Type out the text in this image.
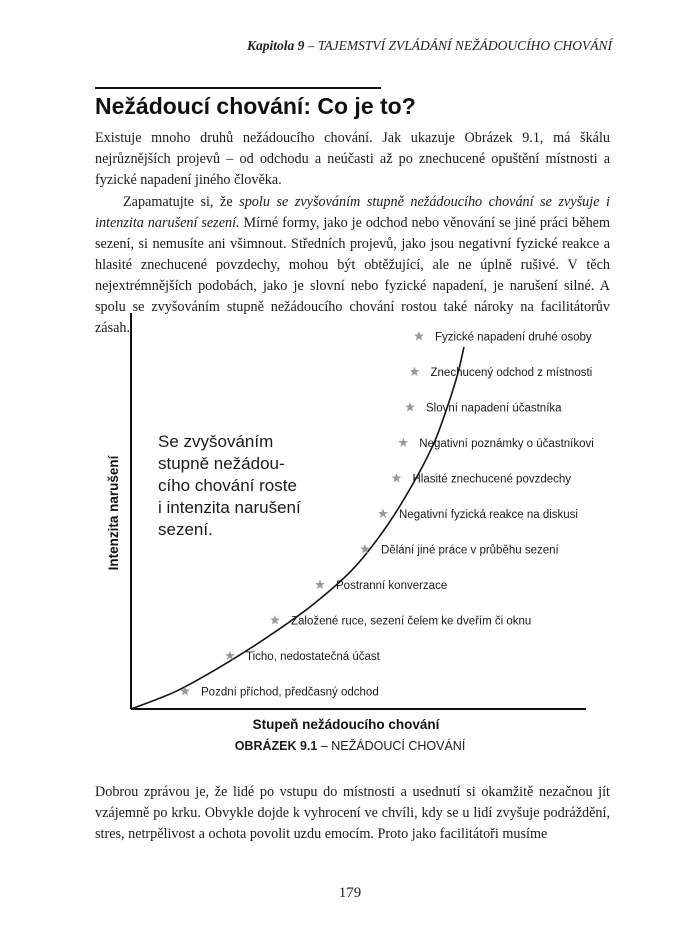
Kapitola 9 – TAJEMSTVÍ ZVLÁDÁNÍ NEŽÁDOUCÍHO CHOVÁNÍ
Nežádoucí chování: Co je to?

Existuje mnoho druhů nežádoucího chování. Jak ukazuje Obrázek 9.1, má škálu nejrůznějších projevů – od odchodu a neúčasti až po znechucené opuštění místnosti a fyzické napadení jiného člověka.

Zapamatujte si, že spolu se zvyšováním stupně nežádoucího chování se zvyšuje i intenzita narušení sezení. Mírné formy, jako je odchod nebo věnování se jiné práci během sezení, si nemusíte ani všimnout. Středních projevů, jako jsou negativní fyzické reakce a hlasité znechucené povzdechy, mohou být obtěžující, ale ne úplně rušivé. V těch nejextrémnějších podobách, jako je slovní nebo fyzické napadení, je narušení silné. A spolu se zvyšováním stupně nežádoucího chování rostou také nároky na facilitátorův zásah.

Pozdní příchod, předčasný odchod
Ticho, nedostatečná účast
Založené ruce, sezení čelem ke dveřím či oknu
Postranní konverzace
Dělání jiné práce v průběhu sezení
Negativní fyzická reakce na diskusi
Hlasité znechucené povzdechy
Negativní poznámky o účastníkovi
Slovní napadení účastníka
Znechucený odchod z místnosti
Fyzické napadení druhé osoby
Se zvyšováním
stupně nežádou-
cího chování roste
i intenzita narušení
sezení.
Intenzita narušení
Stupeň nežádoucího chování
OBRÁZEK 9.1 – NEŽÁDOUCÍ CHOVÁNÍ

Dobrou zprávou je, že lidé po vstupu do místnosti a usednutí si okamžitě nezačnou jít vzájemně po krku. Obvykle dojde k vyhrocení ve chvíli, kdy se u lidí zvyšuje podráždění, stres, netrpělivost a ochota povolit uzdu emocím. Proto jako facilitátoři musíme

179
